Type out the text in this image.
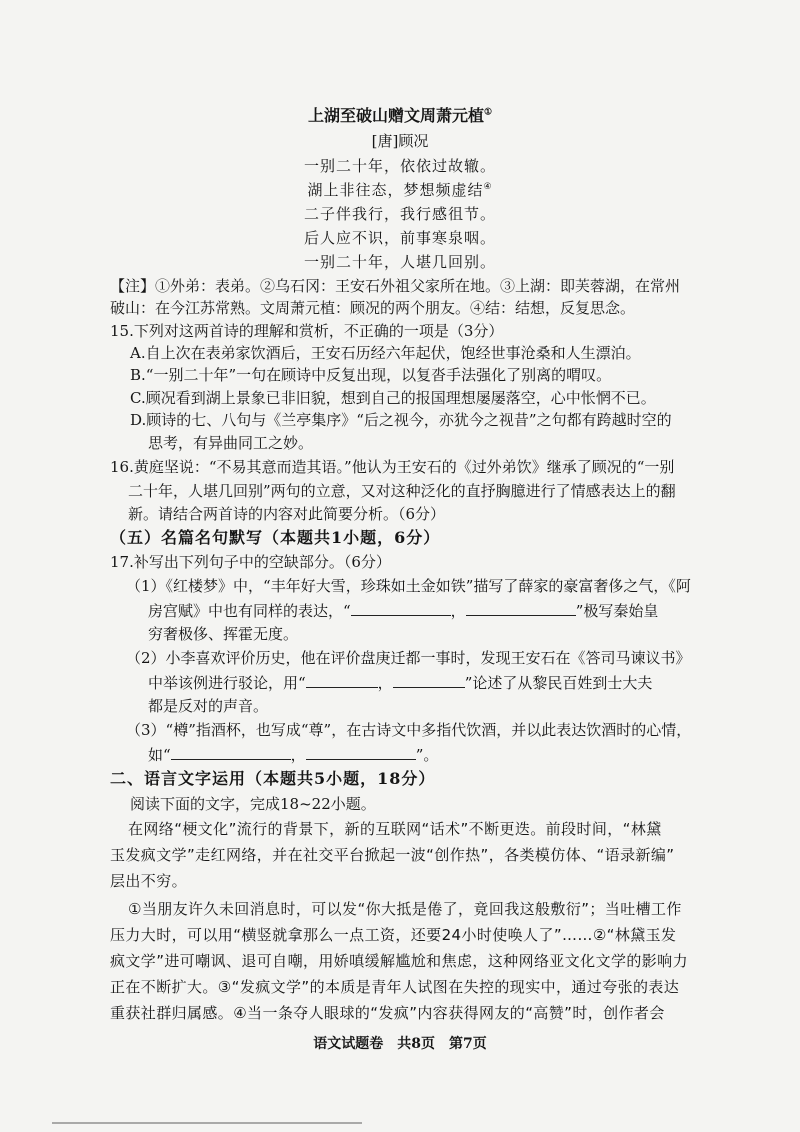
上湖至破山赠文周萧元植①
[唐]顾况
一别二十年，依依过故辙。
湖上非往态，梦想频虚结④
二子伴我行，我行感徂节。
后人应不识，前事寒泉咽。
一别二十年，人堪几回别。
【注】①外弟：表弟。②乌石冈：王安石外祖父家所在地。③上湖：即芙蓉湖，在常州
破山：在今江苏常熟。文周萧元植：顾况的两个朋友。④结：结想，反复思念。
15.下列对这两首诗的理解和赏析，不正确的一项是（3分）
A.自上次在表弟家饮酒后，王安石历经六年起伏，饱经世事沧桑和人生漂泊。
B.“一别二十年”一句在顾诗中反复出现，以复沓手法强化了别离的喟叹。
C.顾况看到湖上景象已非旧貌，想到自己的报国理想屡屡落空，心中怅惘不已。
D.顾诗的七、八句与《兰亭集序》“后之视今，亦犹今之视昔”之句都有跨越时空的
思考，有异曲同工之妙。
16.黄庭坚说：“不易其意而造其语。”他认为王安石的《过外弟饮》继承了顾况的“一别
二十年，人堪几回别”两句的立意，又对这种泛化的直抒胸臆进行了情感表达上的翻
新。请结合两首诗的内容对此简要分析。（6分）
（五）名篇名句默写（本题共1小题，6分）
17.补写出下列句子中的空缺部分。（6分）
（1）《红楼梦》中，“丰年好大雪，珍珠如土金如铁”描写了薛家的豪富奢侈之气，《阿
房宫赋》中也有同样的表达，“	，	”极写秦始皇
穷奢极侈、挥霍无度。
（2）小李喜欢评价历史，他在评价盘庚迁都一事时，发现王安石在《答司马谏议书》
中举该例进行驳论，用“	，	”论述了从黎民百姓到士大夫
都是反对的声音。
（3）“樽”指酒杯，也写成“尊”，在古诗文中多指代饮酒，并以此表达饮酒时的心情，
如“	，	”。
二、语言文字运用（本题共5小题，18分）
阅读下面的文字，完成18~22小题。
在网络“梗文化”流行的背景下，新的互联网“话术”不断更迭。前段时间，“林黛
玉发疯文学”走红网络，并在社交平台掀起一波“创作热”，各类模仿体、“语录新编”
层出不穷。
①当朋友许久未回消息时，可以发“你大抵是倦了，竟回我这般敷衍”；当吐槽工作
压力大时，可以用“横竖就拿那么一点工资，还要24小时使唤人了”……②“林黛玉发
疯文学”进可嘲讽、退可自嘲，用娇嗔缓解尴尬和焦虑，这种网络亚文化文学的影响力
正在不断扩大。③“发疯文学”的本质是青年人试图在失控的现实中，通过夸张的表达
重获社群归属感。④当一条夺人眼球的“发疯”内容获得网友的“高赞”时，创作者会
语文试题卷　共8页　第7页
